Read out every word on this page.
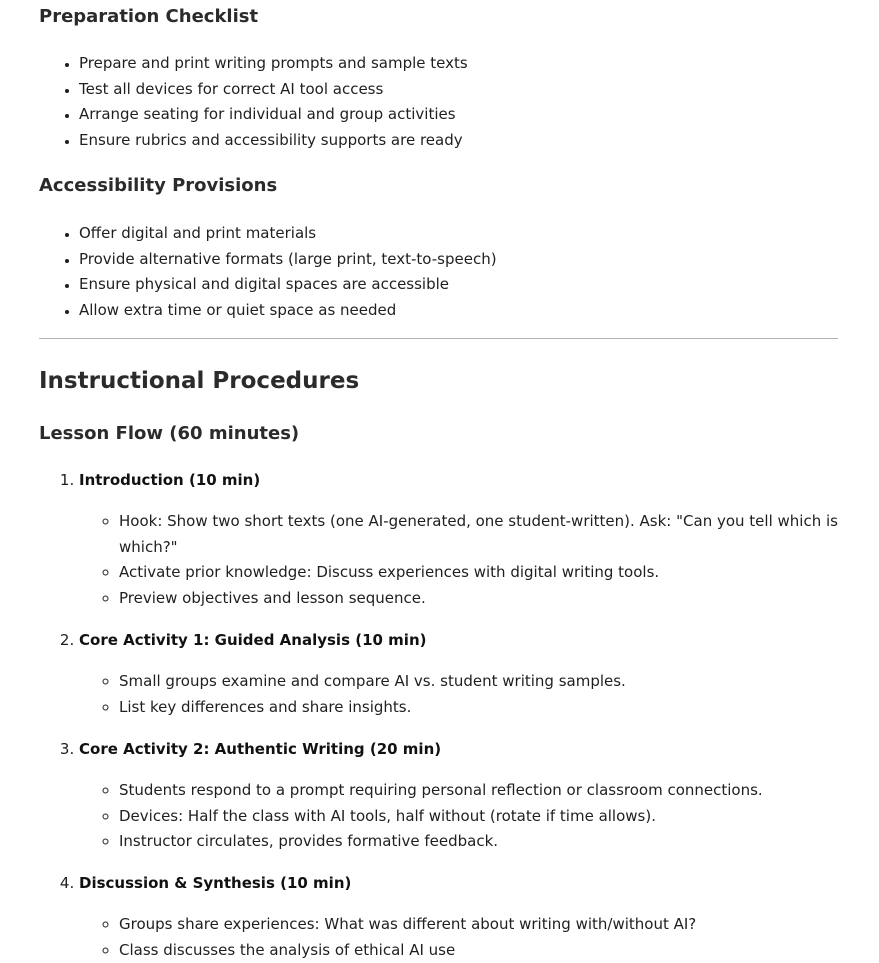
Preparation Checklist
• Prepare and print writing prompts and sample texts
• Test all devices for correct AI tool access
• Arrange seating for individual and group activities
• Ensure rubrics and accessibility supports are ready
Accessibility Provisions
• Offer digital and print materials
• Provide alternative formats (large print, text-to-speech)
• Ensure physical and digital spaces are accessible
• Allow extra time or quiet space as needed
Instructional Procedures
Lesson Flow (60 minutes)
1. Introduction (10 min)
◦ Hook: Show two short texts (one AI-generated, one student-written). Ask: "Can you tell which is which?"
◦ Activate prior knowledge: Discuss experiences with digital writing tools.
◦ Preview objectives and lesson sequence.
2. Core Activity 1: Guided Analysis (10 min)
◦ Small groups examine and compare AI vs. student writing samples.
◦ List key differences and share insights.
3. Core Activity 2: Authentic Writing (20 min)
◦ Students respond to a prompt requiring personal reflection or classroom connections.
◦ Devices: Half the class with AI tools, half without (rotate if time allows).
◦ Instructor circulates, provides formative feedback.
4. Discussion & Synthesis (10 min)
◦ Groups share experiences: What was different about writing with/without AI?
◦ Class discusses the analysis of ethical AI use
